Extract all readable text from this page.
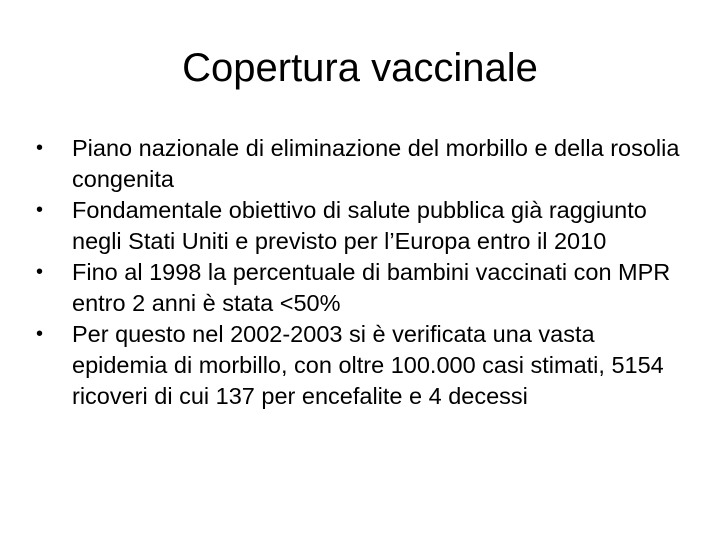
Copertura vaccinale
•	Piano nazionale di eliminazione del morbillo e della rosolia congenita
•	Fondamentale obiettivo di salute pubblica già raggiunto negli Stati Uniti e previsto per l’Europa entro il 2010
•	Fino al 1998 la percentuale di bambini vaccinati con MPR entro 2 anni è stata <50%
•	Per questo nel 2002-2003 si è verificata una vasta epidemia di morbillo, con oltre 100.000 casi stimati, 5154 ricoveri di cui 137 per encefalite e 4 decessi
